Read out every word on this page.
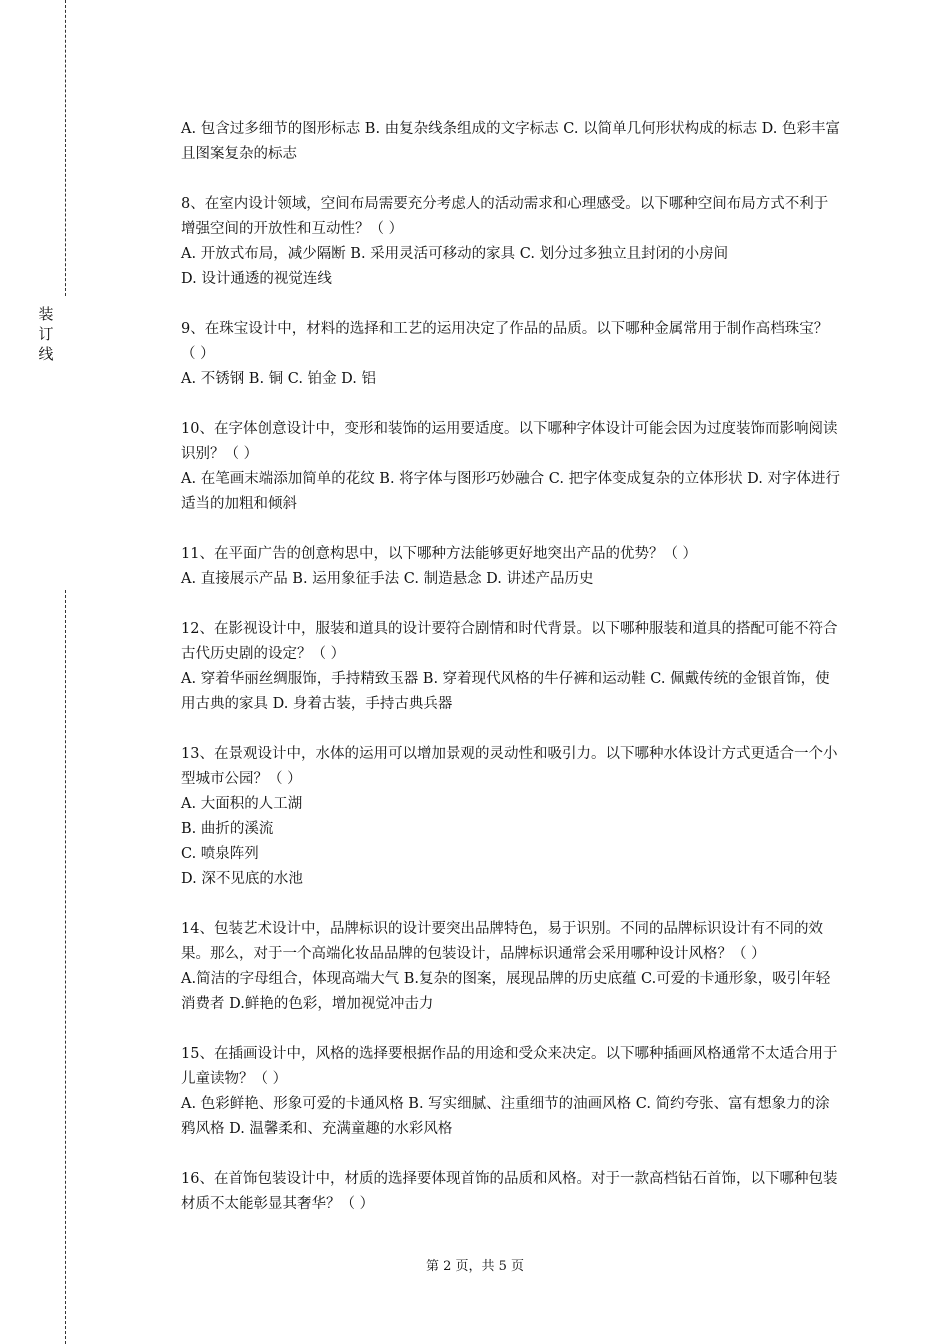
装
订
线

A. 包含过多细节的图形标志 B. 由复杂线条组成的文字标志 C. 以简单几何形状构成的标志 D. 色彩丰富且图案复杂的标志

8、在室内设计领域，空间布局需要充分考虑人的活动需求和心理感受。以下哪种空间布局方式不利于增强空间的开放性和互动性？（ ）

A. 开放式布局，减少隔断 B. 采用灵活可移动的家具 C. 划分过多独立且封闭的小房间

D. 设计通透的视觉连线

9、在珠宝设计中，材料的选择和工艺的运用决定了作品的品质。以下哪种金属常用于制作高档珠宝？（ ）

A. 不锈钢 B. 铜 C. 铂金 D. 铝

10、在字体创意设计中，变形和装饰的运用要适度。以下哪种字体设计可能会因为过度装饰而影响阅读识别？（ ）

A. 在笔画末端添加简单的花纹 B. 将字体与图形巧妙融合 C. 把字体变成复杂的立体形状 D. 对字体进行适当的加粗和倾斜

11、在平面广告的创意构思中，以下哪种方法能够更好地突出产品的优势？（ ）

A. 直接展示产品 B. 运用象征手法 C. 制造悬念 D. 讲述产品历史

12、在影视设计中，服装和道具的设计要符合剧情和时代背景。以下哪种服装和道具的搭配可能不符合古代历史剧的设定？（ ）

A. 穿着华丽丝绸服饰，手持精致玉器 B. 穿着现代风格的牛仔裤和运动鞋 C. 佩戴传统的金银首饰，使用古典的家具 D. 身着古装，手持古典兵器

13、在景观设计中，水体的运用可以增加景观的灵动性和吸引力。以下哪种水体设计方式更适合一个小型城市公园？（ ）

A. 大面积的人工湖

B. 曲折的溪流

C. 喷泉阵列

D. 深不见底的水池

14、包装艺术设计中，品牌标识的设计要突出品牌特色，易于识别。不同的品牌标识设计有不同的效果。那么，对于一个高端化妆品品牌的包装设计，品牌标识通常会采用哪种设计风格？（ ）

A.简洁的字母组合，体现高端大气 B.复杂的图案，展现品牌的历史底蕴 C.可爱的卡通形象，吸引年轻消费者 D.鲜艳的色彩，增加视觉冲击力

15、在插画设计中，风格的选择要根据作品的用途和受众来决定。以下哪种插画风格通常不太适合用于儿童读物？（ ）

A. 色彩鲜艳、形象可爱的卡通风格 B. 写实细腻、注重细节的油画风格 C. 简约夸张、富有想象力的涂鸦风格 D. 温馨柔和、充满童趣的水彩风格

16、在首饰包装设计中，材质的选择要体现首饰的品质和风格。对于一款高档钻石首饰，以下哪种包装材质不太能彰显其奢华？（ ）

第 2 页，共 5 页
